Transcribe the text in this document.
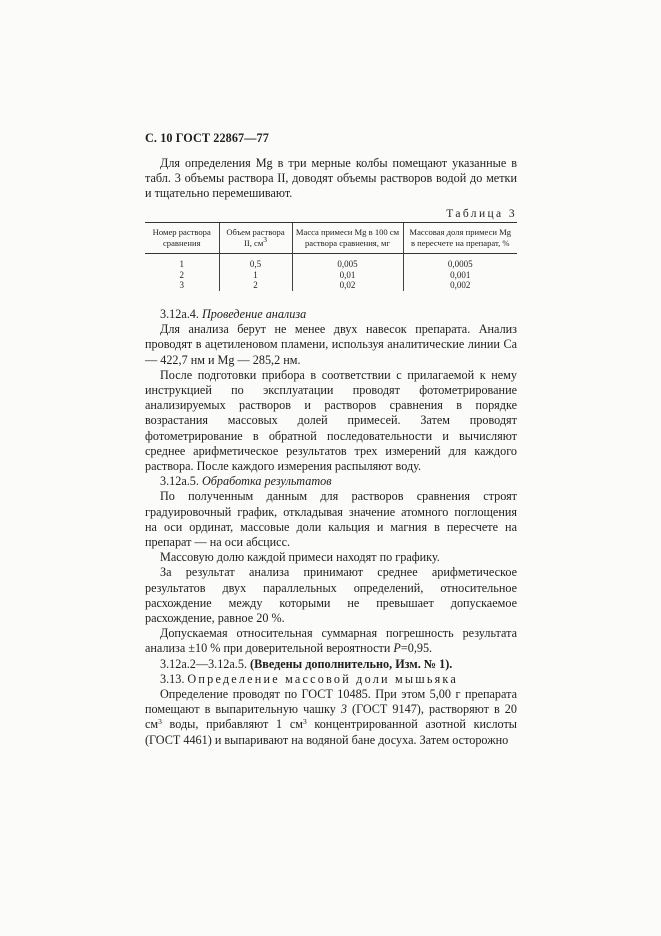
С. 10 ГОСТ 22867—77

Для определения Mg в три мерные колбы помещают указанные в табл. 3 объемы раствора II, доводят объемы растворов водой до метки и тщательно перемешивают.

Таблица 3
Номер раствора сравнения	Объем раствора II, $см^3$	Масса примеси Mg в 100 см раствора сравнения, мг	Массовая доля примеси Mg в пересчете на препарат, %
1	0,5	0,005	0,0005
2	1	0,01	0,001
3	2	0,02	0,002

3.12а.4. Проведение анализа

Для анализа берут не менее двух навесок препарата. Анализ проводят в ацетиленовом пламени, используя аналитические линии Са — 422,7 нм и Mg — 285,2 нм.

После подготовки прибора в соответствии с прилагаемой к нему инструкцией по эксплуатации проводят фотометрирование анализируемых растворов и растворов сравнения в порядке возрастания массовых долей примесей. Затем проводят фотометрирование в обратной последовательности и вычисляют среднее арифметическое результатов трех измерений для каждого раствора. После каждого измерения распыляют воду.

3.12а.5. Обработка результатов

По полученным данным для растворов сравнения строят градуировочный график, откладывая значение атомного поглощения на оси ординат, массовые доли кальция и магния в пересчете на препарат — на оси абсцисс.

Массовую долю каждой примеси находят по графику.

За результат анализа принимают среднее арифметическое результатов двух параллельных определений, относительное расхождение между которыми не превышает допускаемое расхождение, равное 20 %.

Допускаемая относительная суммарная погрешность результата анализа ±10 % при доверительной вероятности Р=0,95.

3.12а.2—3.12а.5. (Введены дополнительно, Изм. № 1).

3.13. Определение массовой доли мышьяка

Определение проводят по ГОСТ 10485. При этом 5,00 г препарата помещают в выпарительную чашку 3 (ГОСТ 9147), растворяют в 20 $см^3$ воды, прибавляют 1 $см^3$ концентрированной азотной кислоты (ГОСТ 4461) и выпаривают на водяной бане досуха. Затем осторожно
